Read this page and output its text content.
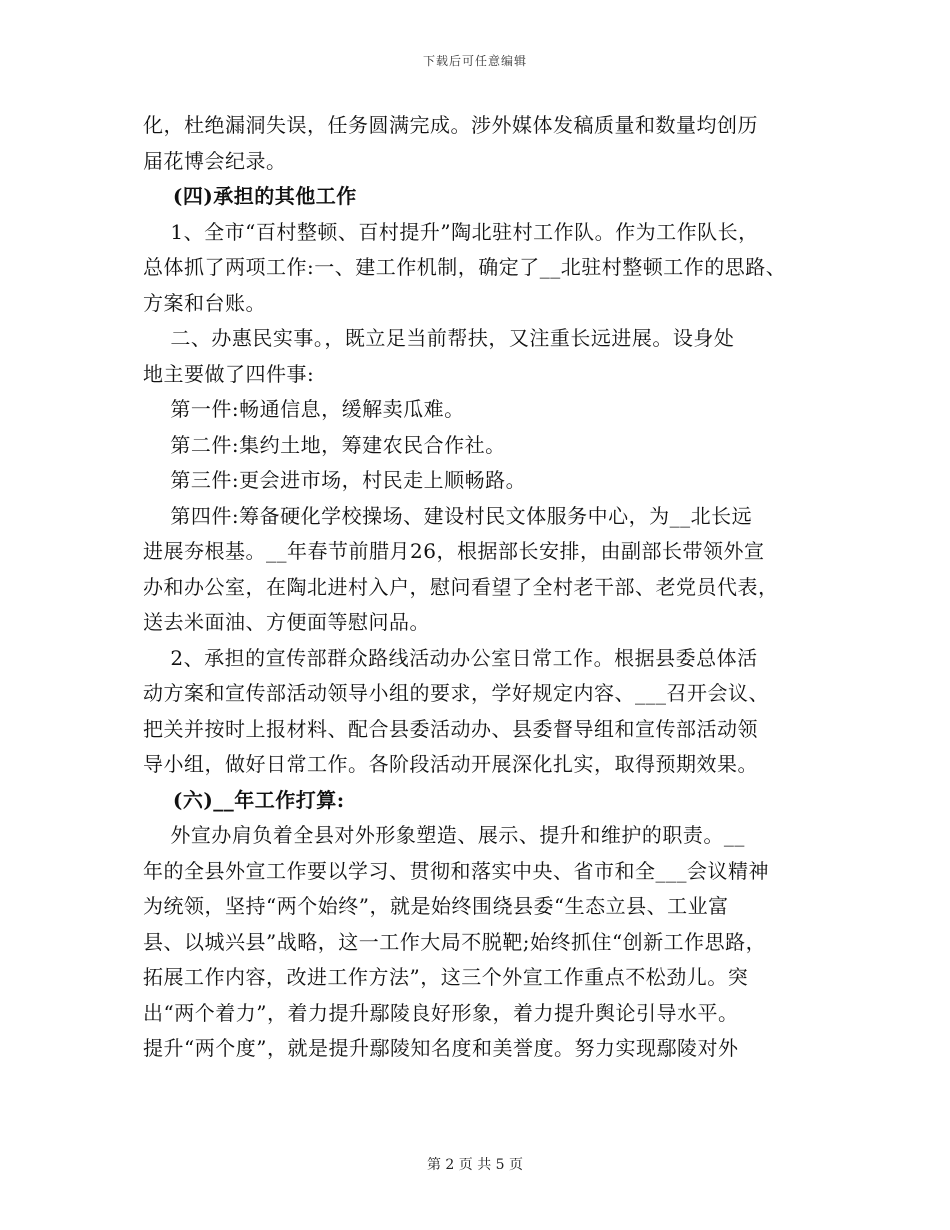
下载后可任意编辑
化，杜绝漏洞失误，任务圆满完成。涉外媒体发稿质量和数量均创历
届花博会纪录。
(四)承担的其他工作
1、全市“百村整顿、百村提升”陶北驻村工作队。作为工作队长，
总体抓了两项工作:一、建工作机制，确定了__北驻村整顿工作的思路、
方案和台账。
二、办惠民实事。，既立足当前帮扶，又注重长远进展。设身处
地主要做了四件事:
第一件:畅通信息，缓解卖瓜难。
第二件:集约土地，筹建农民合作社。
第三件:更会进市场，村民走上顺畅路。
第四件:筹备硬化学校操场、建设村民文体服务中心，为__北长远
进展夯根基。__年春节前腊月26，根据部长安排，由副部长带领外宣
办和办公室，在陶北进村入户，慰问看望了全村老干部、老党员代表，
送去米面油、方便面等慰问品。
2、承担的宣传部群众路线活动办公室日常工作。根据县委总体活
动方案和宣传部活动领导小组的要求，学好规定内容、___召开会议、
把关并按时上报材料、配合县委活动办、县委督导组和宣传部活动领
导小组，做好日常工作。各阶段活动开展深化扎实，取得预期效果。
(六)__年工作打算:
外宣办肩负着全县对外形象塑造、展示、提升和维护的职责。__
年的全县外宣工作要以学习、贯彻和落实中央、省市和全___会议精神
为统领，坚持“两个始终”，就是始终围绕县委“生态立县、工业富
县、以城兴县”战略，这一工作大局不脱靶;始终抓住“创新工作思路，
拓展工作内容，改进工作方法”，这三个外宣工作重点不松劲儿。突
出“两个着力”，着力提升鄢陵良好形象，着力提升舆论引导水平。
提升“两个度”，就是提升鄢陵知名度和美誉度。努力实现鄢陵对外
第 2 页 共 5 页
